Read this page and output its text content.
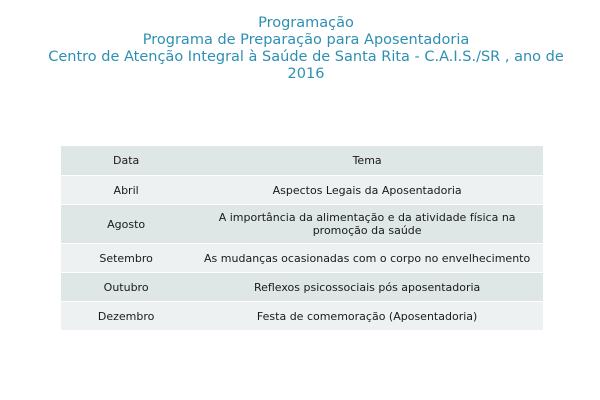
Programação
Programa de Preparação para Aposentadoria
Centro de Atenção Integral à Saúde de Santa Rita - C.A.I.S./SR , ano de
2016
Data	Tema
Abril	Aspectos Legais da Aposentadoria
Agosto	A importância da alimentação e da atividade física na
promoção da saúde
Setembro	As mudanças ocasionadas com o corpo no envelhecimento
Outubro	Reflexos psicossociais pós aposentadoria
Dezembro	Festa de comemoração (Aposentadoria)
